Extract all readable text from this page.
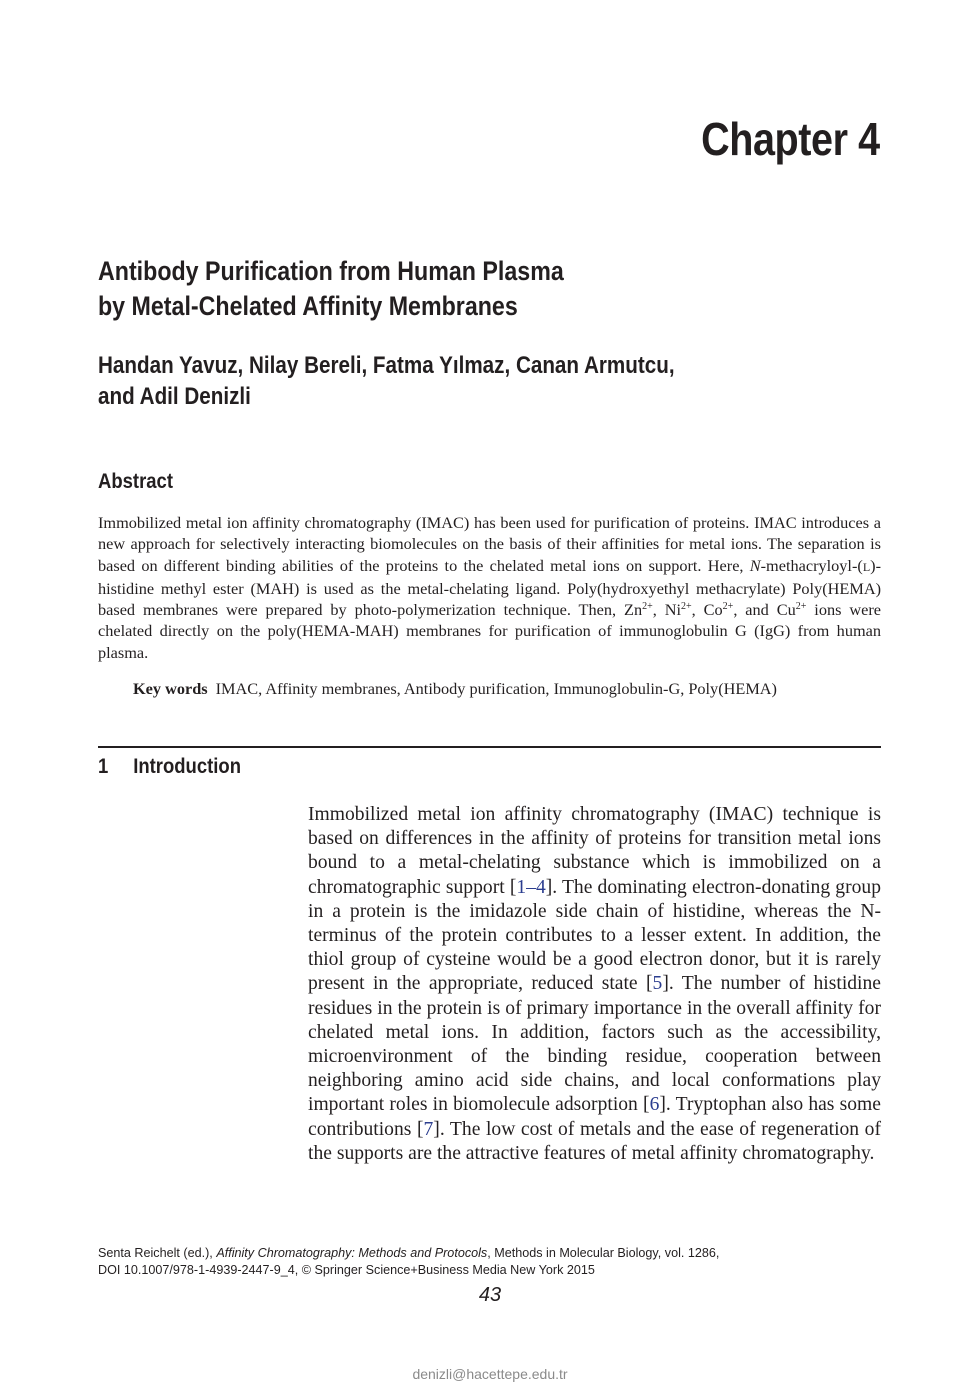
Chapter 4
Antibody Purification from Human Plasma
by Metal-Chelated Affinity Membranes
Handan Yavuz, Nilay Bereli, Fatma Yılmaz, Canan Armutcu,
and Adil Denizli
Abstract

Immobilized metal ion affinity chromatography (IMAC) has been used for purification of proteins. IMAC introduces a new approach for selectively interacting biomolecules on the basis of their affinities for metal ions. The separation is based on different binding abilities of the proteins to the chelated metal ions on support. Here, N-methacryloyl-(L)-histidine methyl ester (MAH) is used as the metal-chelating ligand. Poly(hydroxyethyl methacrylate) Poly(HEMA) based membranes were prepared by photo-polymerization technique. Then, $Zn^{2+}$, $Ni^{2+}$, $Co^{2+}$, and $Cu^{2+}$ ions were chelated directly on the poly(HEMA-MAH) membranes for purification of immunoglobulin G (IgG) from human plasma.

Key words IMAC, Affinity membranes, Antibody purification, Immunoglobulin-G, Poly(HEMA)
1 Introduction

Immobilized metal ion affinity chromatography (IMAC) technique is based on differences in the affinity of proteins for transition metal ions bound to a metal-chelating substance which is immobilized on a chromatographic support [1–4]. The dominating electron-donating group in a protein is the imidazole side chain of histidine, whereas the N-terminus of the protein contributes to a lesser extent. In addition, the thiol group of cysteine would be a good electron donor, but it is rarely present in the appropriate, reduced state [5]. The number of histidine residues in the protein is of primary importance in the overall affinity for chelated metal ions. In addition, factors such as the accessibility, microenvironment of the binding residue, cooperation between neighboring amino acid side chains, and local conformations play important roles in biomolecule adsorption [6]. Tryptophan also has some contributions [7]. The low cost of metals and the ease of regeneration of the supports are the attractive features of metal affinity chromatography.

Senta Reichelt (ed.), Affinity Chromatography: Methods and Protocols, Methods in Molecular Biology, vol. 1286,
DOI 10.1007/978-1-4939-2447-9_4, © Springer Science+Business Media New York 2015
43
denizli@hacettepe.edu.tr
